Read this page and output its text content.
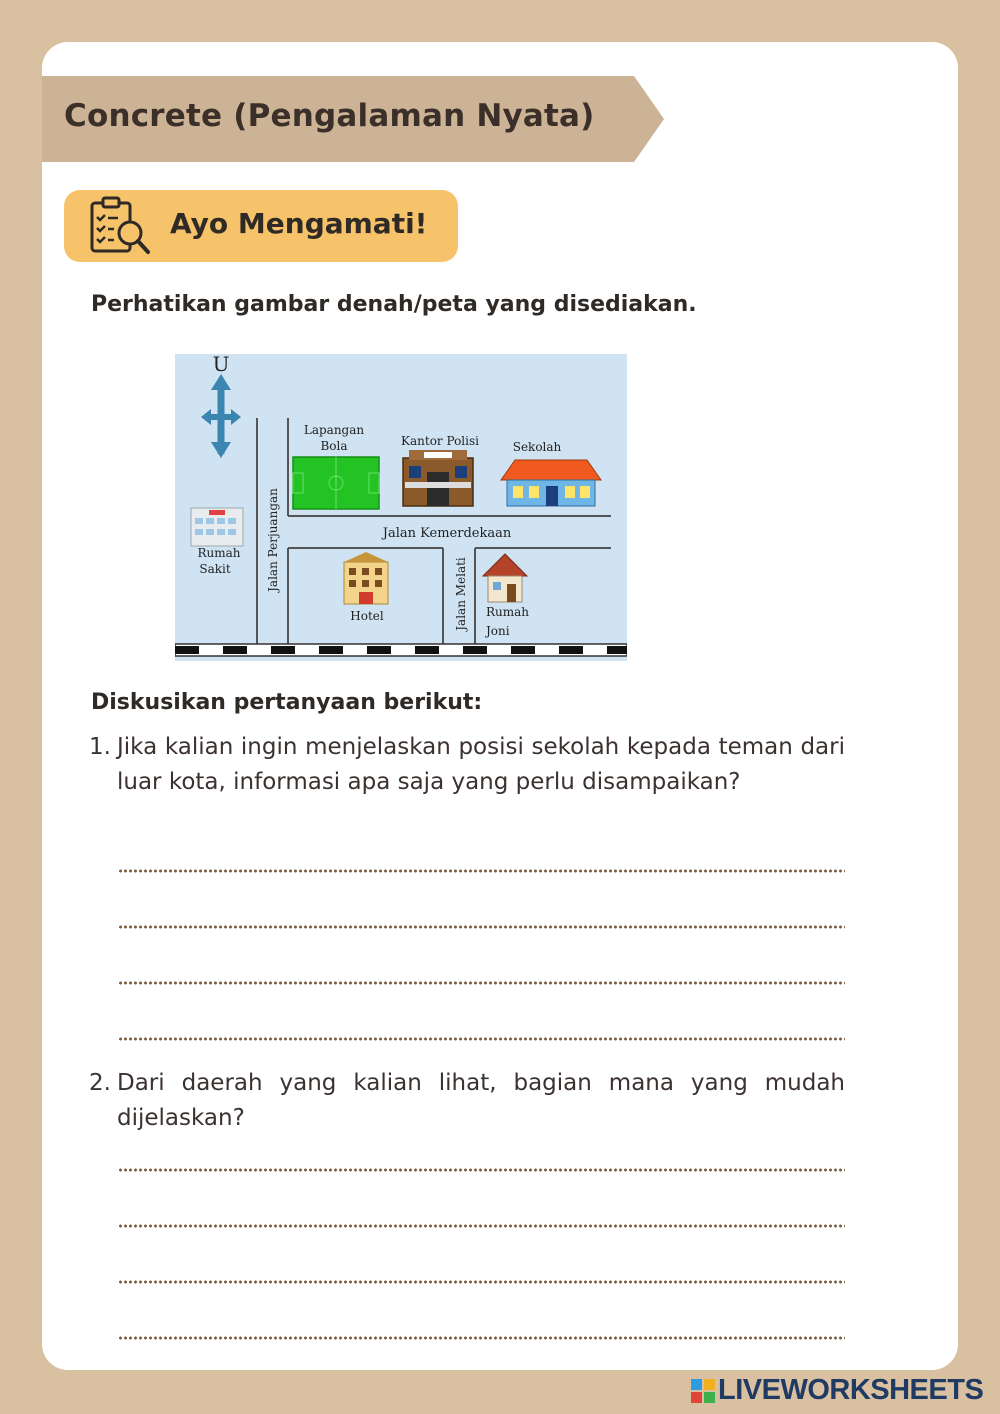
Concrete (Pengalaman Nyata)
Ayo Mengamati!
Perhatikan gambar denah/peta yang disediakan.
U
Lapangan
Bola	Kantor Polisi	Sekolah
Rumah
Sakit
Hotel	Rumah
Joni
Jalan Kemerdekaan
Jalan Perjuangan
Jalan Melati
Diskusikan pertanyaan berikut:
1. Jika kalian ingin menjelaskan posisi sekolah kepada teman dari luar kota, informasi apa saja yang perlu disampaikan?
2. Dari daerah yang kalian lihat, bagian mana yang mudah dijelaskan?
LIVEWORKSHEETS
